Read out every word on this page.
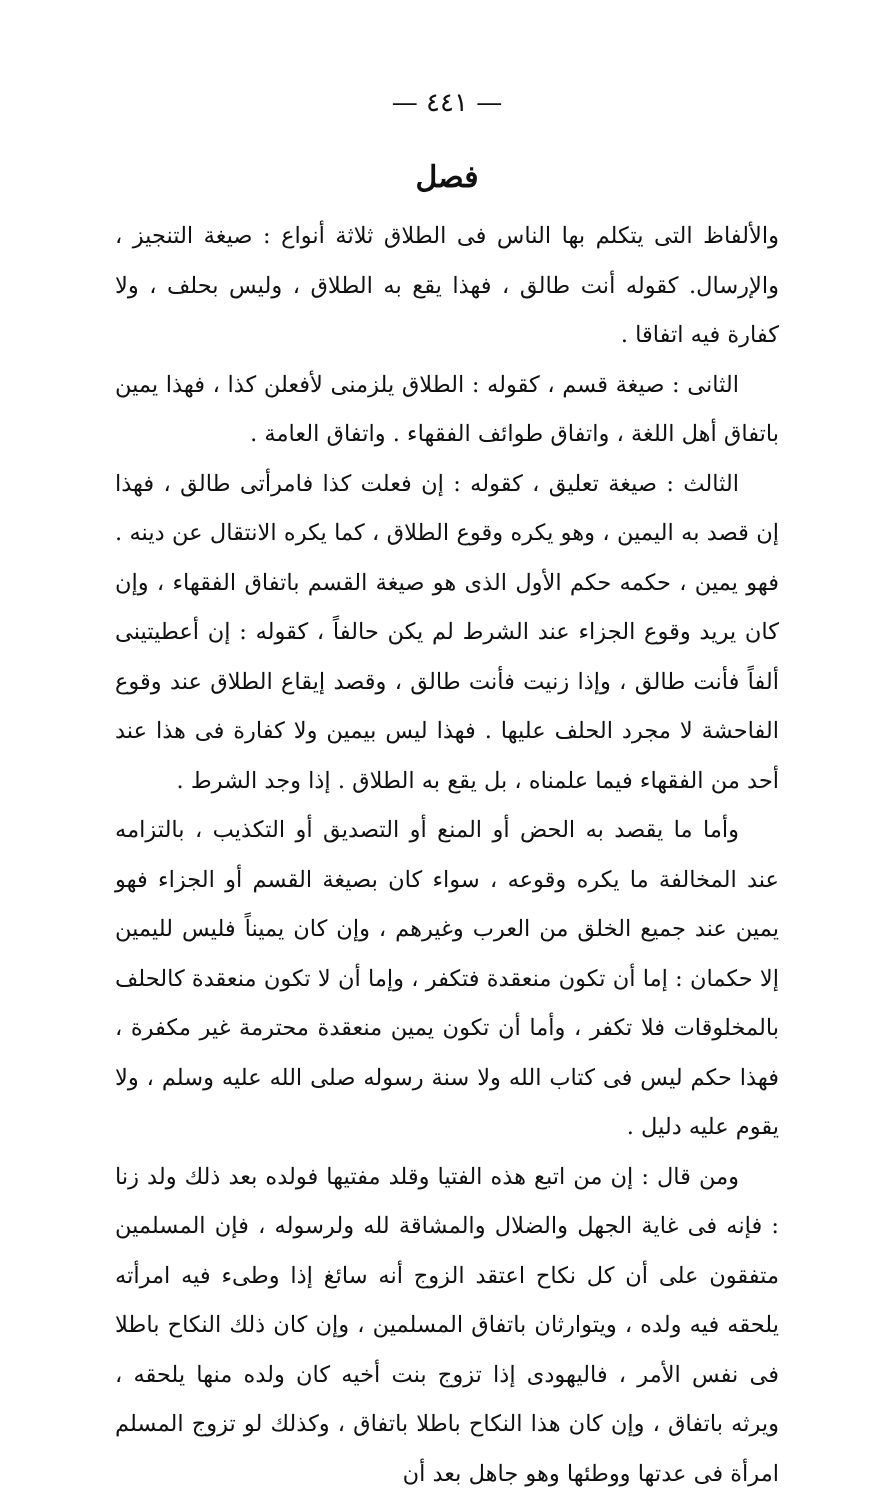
— ٤٤١ —
فصل

والألفاظ التى يتكلم بها الناس فى الطلاق ثلاثة أنواع : صيغة التنجيز ، والإرسال. كقوله أنت طالق ، فهذا يقع به الطلاق ، وليس بحلف ، ولا كفارة فيه اتفاقا .

الثانى : صيغة قسم ، كقوله : الطلاق يلزمنى لأفعلن كذا ، فهذا يمين باتفاق أهل اللغة ، واتفاق طوائف الفقهاء . واتفاق العامة .

الثالث : صيغة تعليق ، كقوله : إن فعلت كذا فامرأتى طالق ، فهذا إن قصد به اليمين ، وهو يكره وقوع الطلاق ، كما يكره الانتقال عن دينه . فهو يمين ، حكمه حكم الأول الذى هو صيغة القسم باتفاق الفقهاء ، وإن كان يريد وقوع الجزاء عند الشرط لم يكن حالفاً ، كقوله : إن أعطيتينى ألفاً فأنت طالق ، وإذا زنيت فأنت طالق ، وقصد إيقاع الطلاق عند وقوع الفاحشة لا مجرد الحلف عليها . فهذا ليس بيمين ولا كفارة فى هذا عند أحد من الفقهاء فيما علمناه ، بل يقع به الطلاق . إذا وجد الشرط .

وأما ما يقصد به الحض أو المنع أو التصديق أو التكذيب ، بالتزامه عند المخالفة ما يكره وقوعه ، سواء كان بصيغة القسم أو الجزاء فهو يمين عند جميع الخلق من العرب وغيرهم ، وإن كان يميناً فليس لليمين إلا حكمان : إما أن تكون منعقدة فتكفر ، وإما أن لا تكون منعقدة كالحلف بالمخلوقات فلا تكفر ، وأما أن تكون يمين منعقدة محترمة غير مكفرة ، فهذا حكم ليس فى كتاب الله ولا سنة رسوله صلى الله عليه وسلم ، ولا يقوم عليه دليل .

ومن قال : إن من اتبع هذه الفتيا وقلد مفتيها فولده بعد ذلك ولد زنا : فإنه فى غاية الجهل والضلال والمشاقة لله ولرسوله ، فإن المسلمين متفقون على أن كل نكاح اعتقد الزوج أنه سائغ إذا وطىء فيه امرأته يلحقه فيه ولده ، ويتوارثان باتفاق المسلمين ، وإن كان ذلك النكاح باطلا فى نفس الأمر ، فاليهودى إذا تزوج بنت أخيه كان ولده منها يلحقه ، ويرثه باتفاق ، وإن كان هذا النكاح باطلا باتفاق ، وكذلك لو تزوج المسلم امرأة فى عدتها ووطئها وهو جاهل بعد أن
